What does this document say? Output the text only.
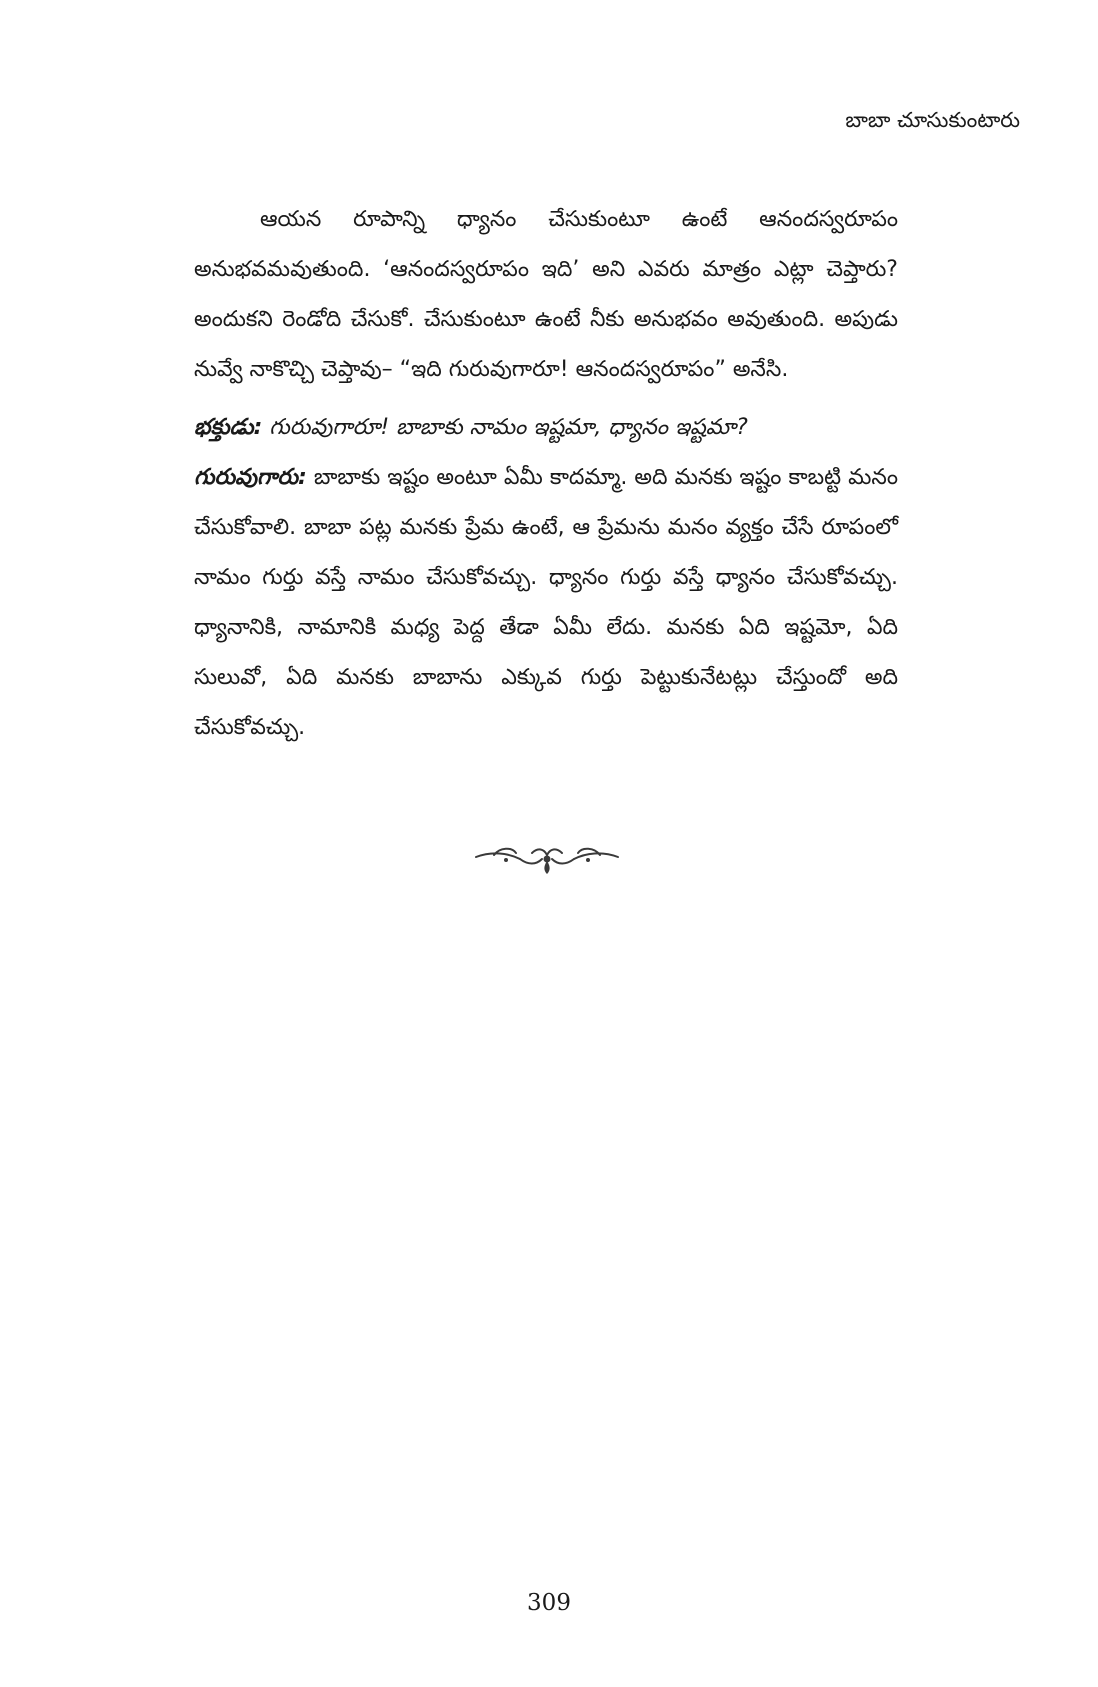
బాబా చూసుకుంటారు

ఆయన రూపాన్ని ధ్యానం చేసుకుంటూ ఉంటే ఆనందస్వరూపం అనుభవమవుతుంది. ‘ఆనందస్వరూపం ఇది’ అని ఎవరు మాత్రం ఎట్లా చెప్తారు? అందుకని రెండోది చేసుకో. చేసుకుంటూ ఉంటే నీకు అనుభవం అవుతుంది. అపుడు నువ్వే నాకొచ్చి చెప్తావు– “ఇది గురువుగారూ! ఆనందస్వరూపం” అనేసి.

భక్తుడు: గురువుగారూ! బాబాకు నామం ఇష్టమా, ధ్యానం ఇష్టమా?

గురువుగారు: బాబాకు ఇష్టం అంటూ ఏమీ కాదమ్మా. అది మనకు ఇష్టం కాబట్టి మనం చేసుకోవాలి. బాబా పట్ల మనకు ప్రేమ ఉంటే, ఆ ప్రేమను మనం వ్యక్తం చేసే రూపంలో నామం గుర్తు వస్తే నామం చేసుకోవచ్చు. ధ్యానం గుర్తు వస్తే ధ్యానం చేసుకోవచ్చు. ధ్యానానికి, నామానికి మధ్య పెద్ద తేడా ఏమీ లేదు. మనకు ఏది ఇష్టమో, ఏది సులువో, ఏది మనకు బాబాను ఎక్కువ గుర్తు పెట్టుకునేటట్లు చేస్తుందో అది చేసుకోవచ్చు.

309
